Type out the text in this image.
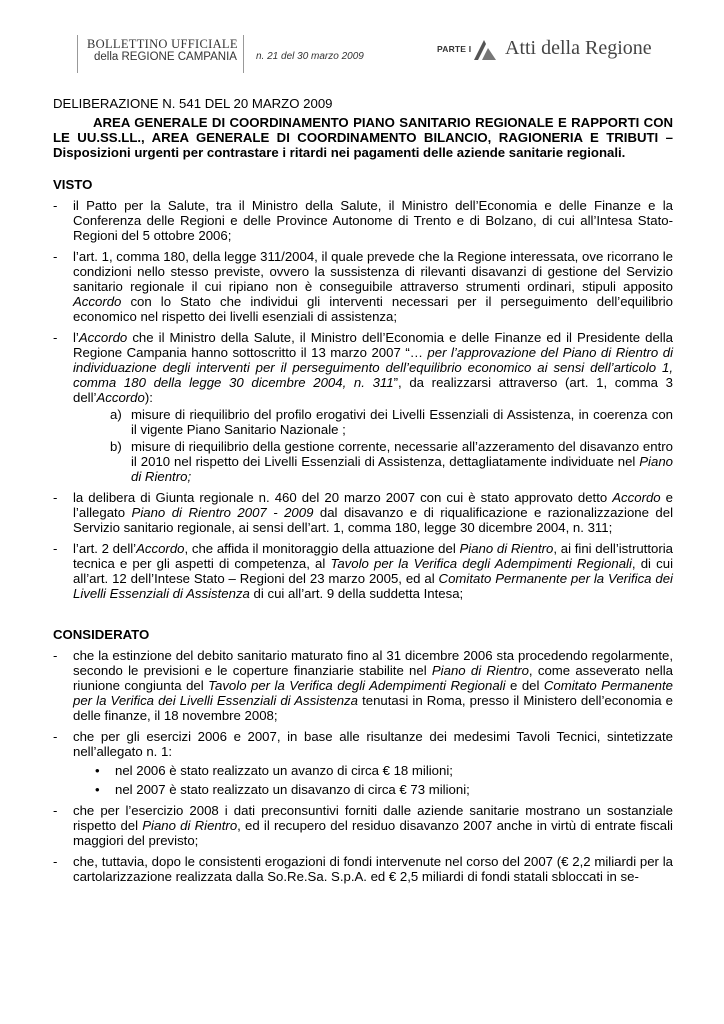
BOLLETTINO UFFICIALE
della REGIONE CAMPANIA n. 21 del 30 marzo 2009
PARTE I Atti della Regione

DELIBERAZIONE N. 541 DEL 20 MARZO 2009

AREA GENERALE DI COORDINAMENTO PIANO SANITARIO REGIONALE E RAPPORTI CON LE UU.SS.LL., AREA GENERALE DI COORDINAMENTO BILANCIO, RAGIONERIA E TRIBUTI – Disposizioni urgenti per contrastare i ritardi nei pagamenti delle aziende sanitarie regionali.

VISTO
- il Patto per la Salute, tra il Ministro della Salute, il Ministro dell’Economia e delle Finanze e la Conferenza delle Regioni e delle Province Autonome di Trento e di Bolzano, di cui all’Intesa Stato-Regioni del 5 ottobre 2006;
- l’art. 1, comma 180, della legge 311/2004, il quale prevede che la Regione interessata, ove ricorrano le condizioni nello stesso previste, ovvero la sussistenza di rilevanti disavanzi di gestione del Servizio sanitario regionale il cui ripiano non è conseguibile attraverso strumenti ordinari, stipuli apposito Accordo con lo Stato che individui gli interventi necessari per il perseguimento dell’equilibrio economico nel rispetto dei livelli esenziali di assistenza;
- l’Accordo che il Ministro della Salute, il Ministro dell’Economia e delle Finanze ed il Presidente della Regione Campania hanno sottoscritto il 13 marzo 2007 “… per l’approvazione del Piano di Rientro di individuazione degli interventi per il perseguimento dell’equilibrio economico ai sensi dell’articolo 1, comma 180 della legge 30 dicembre 2004, n. 311”, da realizzarsi attraverso (art. 1, comma 3 dell’Accordo):
a) misure di riequilibrio del profilo erogativi dei Livelli Essenziali di Assistenza, in coerenza con il vigente Piano Sanitario Nazionale ;
b) misure di riequilibrio della gestione corrente, necessarie all’azzeramento del disavanzo entro il 2010 nel rispetto dei Livelli Essenziali di Assistenza, dettagliatamente individuate nel Piano di Rientro;
- la delibera di Giunta regionale n. 460 del 20 marzo 2007 con cui è stato approvato detto Accordo e l’allegato Piano di Rientro 2007 - 2009 dal disavanzo e di riqualificazione e razionalizzazione del Servizio sanitario regionale, ai sensi dell’art. 1, comma 180, legge 30 dicembre 2004, n. 311;
- l’art. 2 dell’Accordo, che affida il monitoraggio della attuazione del Piano di Rientro, ai fini dell’istruttoria tecnica e per gli aspetti di competenza, al Tavolo per la Verifica degli Adempimenti Regionali, di cui all’art. 12 dell’Intese Stato – Regioni del 23 marzo 2005, ed al Comitato Permanente per la Verifica dei Livelli Essenziali di Assistenza di cui all’art. 9 della suddetta Intesa;
CONSIDERATO
- che la estinzione del debito sanitario maturato fino al 31 dicembre 2006 sta procedendo regolarmente, secondo le previsioni e le coperture finanziarie stabilite nel Piano di Rientro, come asseverato nella riunione congiunta del Tavolo per la Verifica degli Adempimenti Regionali e del Comitato Permanente per la Verifica dei Livelli Essenziali di Assistenza tenutasi in Roma, presso il Ministero dell’economia e delle finanze, il 18 novembre 2008;
- che per gli esercizi 2006 e 2007, in base alle risultanze dei medesimi Tavoli Tecnici, sintetizzate nell’allegato n. 1:
• nel 2006 è stato realizzato un avanzo di circa € 18 milioni;
• nel 2007 è stato realizzato un disavanzo di circa € 73 milioni;
- che per l’esercizio 2008 i dati preconsuntivi forniti dalle aziende sanitarie mostrano un sostanziale rispetto del Piano di Rientro, ed il recupero del residuo disavanzo 2007 anche in virtù di entrate fiscali maggiori del previsto;
- che, tuttavia, dopo le consistenti erogazioni di fondi intervenute nel corso del 2007 (€ 2,2 miliardi per la cartolarizzazione realizzata dalla So.Re.Sa. S.p.A. ed € 2,5 miliardi di fondi statali sbloccati in se-
